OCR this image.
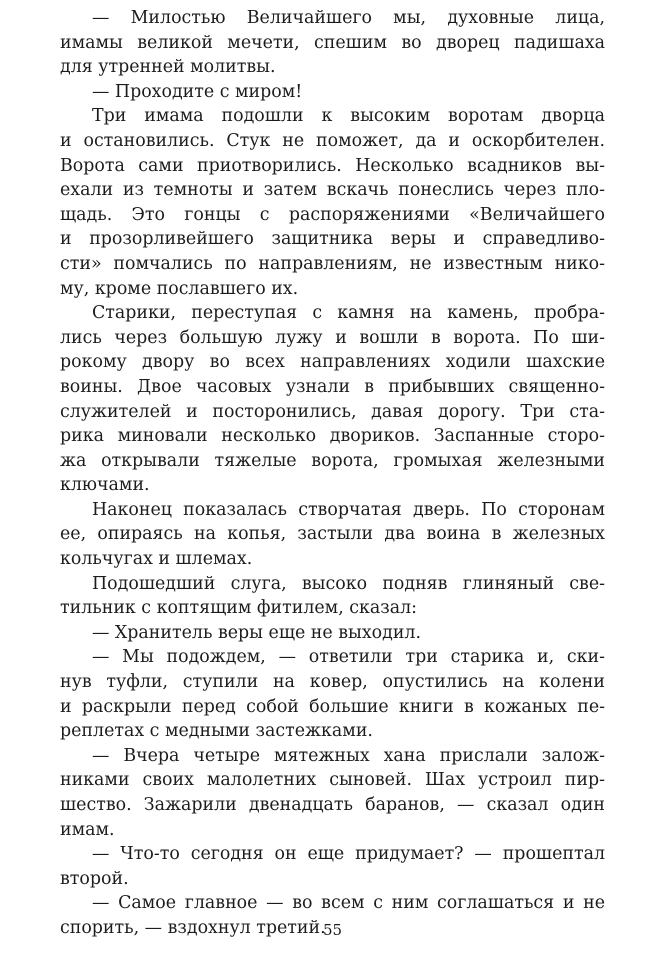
— Милостью Величайшего мы, духовные лица,
имамы великой мечети, спешим во дворец падишаха
для утренней молитвы.
— Проходите с миром!
Три имама подошли к высоким воротам дворца
и остановились. Стук не поможет, да и оскорбителен.
Ворота сами приотворились. Несколько всадников вы-
ехали из темноты и затем вскачь понеслись через пло-
щадь. Это гонцы с распоряжениями «Величайшего
и прозорливейшего защитника веры и справедливо-
сти» помчались по направлениям, не известным нико-
му, кроме пославшего их.
Старики, переступая с камня на камень, пробра-
лись через большую лужу и вошли в ворота. По ши-
рокому двору во всех направлениях ходили шахские
воины. Двое часовых узнали в прибывших священно-
служителей и посторонились, давая дорогу. Три ста-
рика миновали несколько двориков. Заспанные сторо-
жа открывали тяжелые ворота, громыхая железными
ключами.
Наконец показалась створчатая дверь. По сторонам
ее, опираясь на копья, застыли два воина в железных
кольчугах и шлемах.
Подошедший слуга, высоко подняв глиняный све-
тильник с коптящим фитилем, сказал:
— Хранитель веры еще не выходил.
— Мы подождем, — ответили три старика и, ски-
нув туфли, ступили на ковер, опустились на колени
и раскрыли перед собой большие книги в кожаных пе-
реплетах с медными застежками.
— Вчера четыре мятежных хана прислали залож-
никами своих малолетних сыновей. Шах устроил пир-
шество. Зажарили двенадцать баранов, — сказал один
имам.
— Что-то сегодня он еще придумает? — прошептал
второй.
— Самое главное — во всем с ним соглашаться и не
спорить, — вздохнул третий.
55
